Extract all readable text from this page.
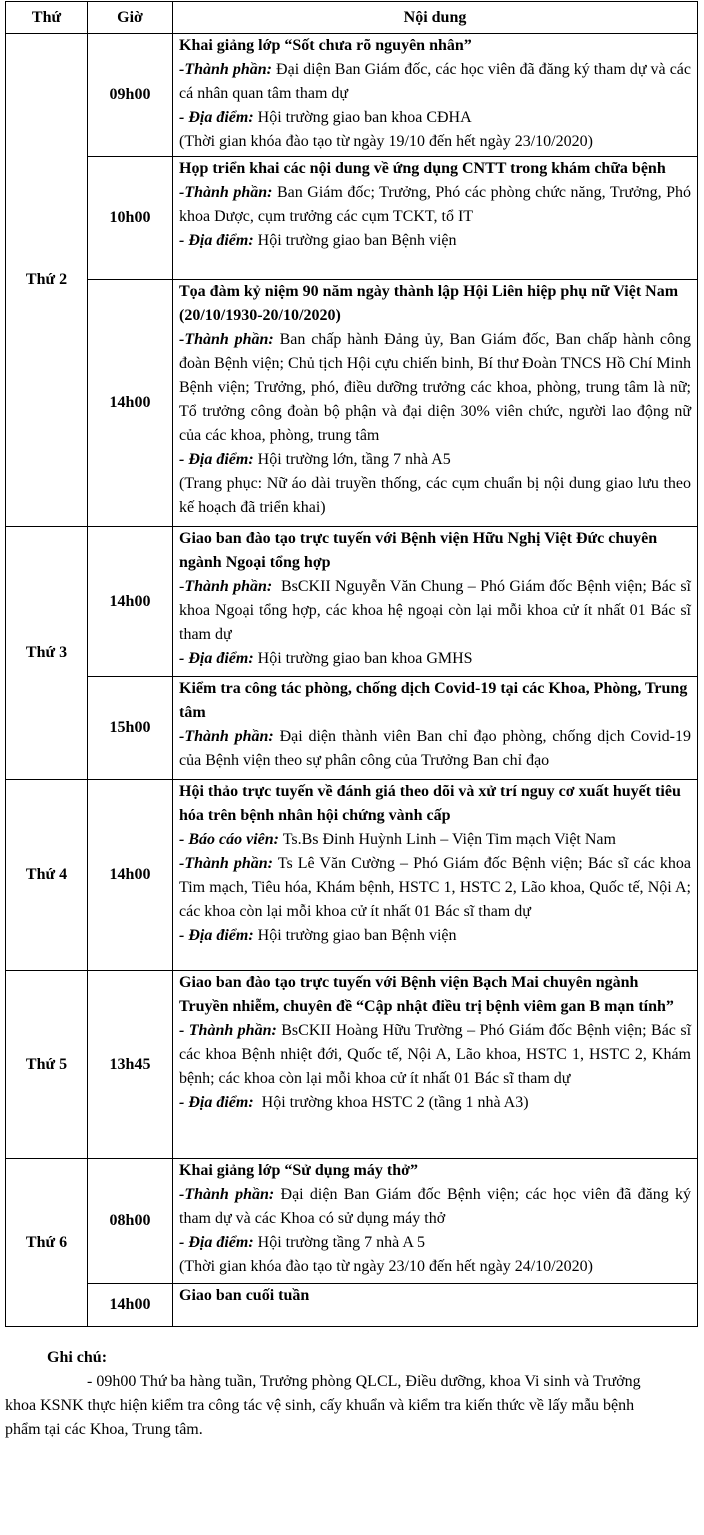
Thứ	Giờ	Nội dung
Thứ 2	09h00	Khai giảng lớp “Sốt chưa rõ nguyên nhân”
-Thành phần: Đại diện Ban Giám đốc, các học viên đã đăng ký tham dự và các cá nhân quan tâm tham dự
- Địa điểm: Hội trường giao ban khoa CĐHA
(Thời gian khóa đào tạo từ ngày 19/10 đến hết ngày 23/10/2020)

	10h00	Họp triển khai các nội dung về ứng dụng CNTT trong khám chữa bệnh
-Thành phần: Ban Giám đốc; Trưởng, Phó các phòng chức năng, Trưởng, Phó khoa Dược, cụm trưởng các cụm TCKT, tổ IT
- Địa điểm: Hội trường giao ban Bệnh viện

	14h00	Tọa đàm kỷ niệm 90 năm ngày thành lập Hội Liên hiệp phụ nữ Việt Nam (20/10/1930-20/10/2020)
-Thành phần: Ban chấp hành Đảng ủy, Ban Giám đốc, Ban chấp hành công đoàn Bệnh viện; Chủ tịch Hội cựu chiến binh, Bí thư Đoàn TNCS Hồ Chí Minh Bệnh viện; Trưởng, phó, điều dưỡng trưởng các khoa, phòng, trung tâm là nữ; Tổ trưởng công đoàn bộ phận và đại diện 30% viên chức, người lao động nữ của các khoa, phòng, trung tâm
- Địa điểm: Hội trường lớn, tầng 7 nhà A5
(Trang phục: Nữ áo dài truyền thống, các cụm chuẩn bị nội dung giao lưu theo kế hoạch đã triển khai)

Thứ 3	14h00	Giao ban đào tạo trực tuyến với Bệnh viện Hữu Nghị Việt Đức chuyên ngành Ngoại tổng hợp
-Thành phần:  BsCKII Nguyễn Văn Chung – Phó Giám đốc Bệnh viện; Bác sĩ khoa Ngoại tổng hợp, các khoa hệ ngoại còn lại mỗi khoa cử ít nhất 01 Bác sĩ tham dự
- Địa điểm: Hội trường giao ban khoa GMHS

	15h00	Kiểm tra công tác phòng, chống dịch Covid-19 tại các Khoa, Phòng, Trung tâm
-Thành phần: Đại diện thành viên Ban chỉ đạo phòng, chống dịch Covid-19 của Bệnh viện theo sự phân công của Trưởng Ban chỉ đạo

Thứ 4	14h00	Hội thảo trực tuyến về đánh giá theo dõi và xử trí nguy cơ xuất huyết tiêu hóa trên bệnh nhân hội chứng vành cấp
- Báo cáo viên: Ts.Bs Đinh Huỳnh Linh – Viện Tim mạch Việt Nam
-Thành phần: Ts Lê Văn Cường – Phó Giám đốc Bệnh viện; Bác sĩ các khoa Tim mạch, Tiêu hóa, Khám bệnh, HSTC 1, HSTC 2, Lão khoa, Quốc tế, Nội A; các khoa còn lại mỗi khoa cử ít nhất 01 Bác sĩ tham dự
- Địa điểm: Hội trường giao ban Bệnh viện

Thứ 5	13h45	Giao ban đào tạo trực tuyến với Bệnh viện Bạch Mai chuyên ngành Truyền nhiễm, chuyên đề “Cập nhật điều trị bệnh viêm gan B mạn tính”
- Thành phần: BsCKII Hoàng Hữu Trường – Phó Giám đốc Bệnh viện; Bác sĩ các khoa Bệnh nhiệt đới, Quốc tế, Nội A, Lão khoa, HSTC 1, HSTC 2, Khám bệnh; các khoa còn lại mỗi khoa cử ít nhất 01 Bác sĩ tham dự
- Địa điểm:  Hội trường khoa HSTC 2 (tầng 1 nhà A3)

Thứ 6	08h00	Khai giảng lớp “Sử dụng máy thở”
-Thành phần: Đại diện Ban Giám đốc Bệnh viện; các học viên đã đăng ký tham dự và các Khoa có sử dụng máy thở
- Địa điểm: Hội trường tầng 7 nhà A 5
(Thời gian khóa đào tạo từ ngày 23/10 đến hết ngày 24/10/2020)

	14h00	Giao ban cuối tuần
Ghi chú:
- 09h00 Thứ ba hàng tuần, Trưởng phòng QLCL, Điều dưỡng, khoa Vi sinh và Trưởng khoa KSNK thực hiện kiểm tra công tác vệ sinh, cấy khuẩn và kiểm tra kiến thức về lấy mẫu bệnh phẩm tại các Khoa, Trung tâm.
